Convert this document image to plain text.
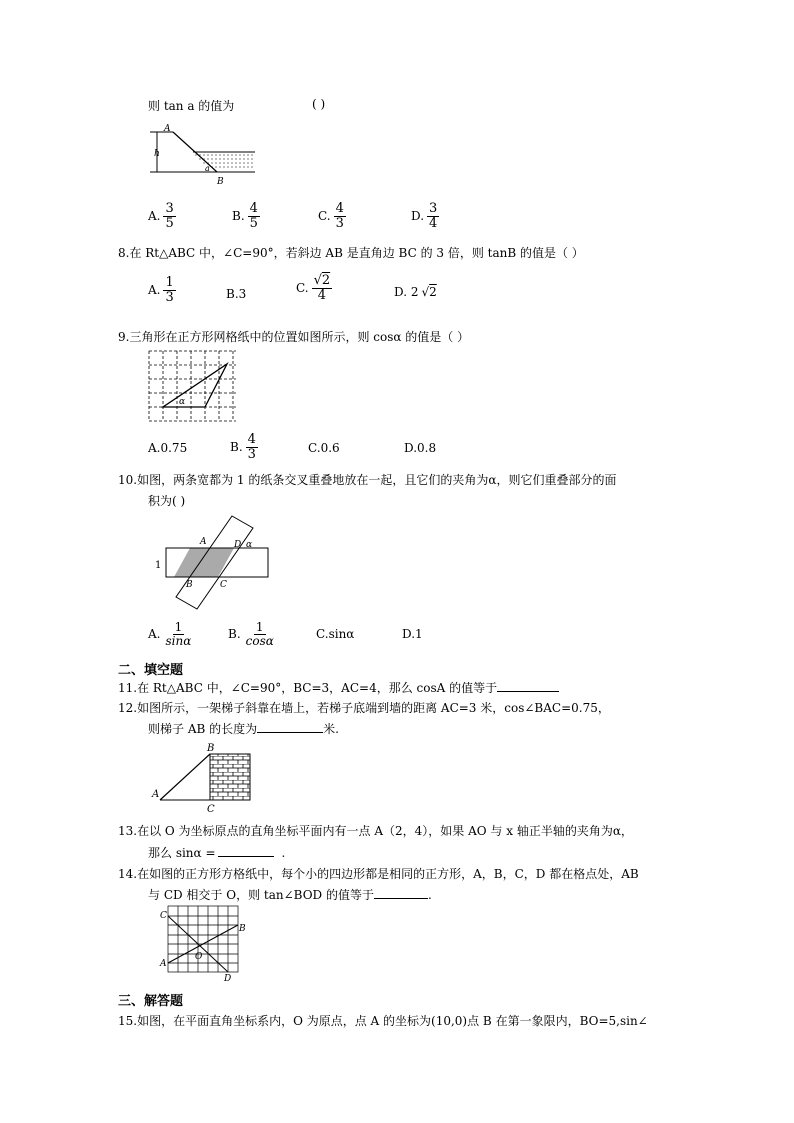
则 tan a 的值为	( )
A
h
a
B
A. $\frac{3}{5}$	B. $\frac{4}{5}$	C. $\frac{4}{3}$	D. $\frac{3}{4}$
8.在 Rt△ABC 中，∠C=90°，若斜边 AB 是直角边 BC 的 3 倍，则 tanB 的值是（ ）
A. $\frac{1}{3}$	B.3	C. $\frac{√2}{4}$	D. 2 √2
9.三角形在正方形网格纸中的位置如图所示，则 cosα 的值是（ ）
α
A.0.75	B. $\frac{4}{3}$	C.0.6	D.0.8
10.如图，两条宽都为 1 的纸条交叉重叠地放在一起，且它们的夹角为α，则它们重叠部分的面
积为( )
1
A	D α
B	C
A. $\frac{1}{\sin\alpha}$	B. $\frac{1}{\cos\alpha}$	C.sinα	D.1
二、填空题
11.在 Rt△ABC 中，∠C=90°，BC=3，AC=4，那么 cosA 的值等于
12.如图所示，一架梯子斜靠在墙上，若梯子底端到墙的距离 AC=3 米，cos∠BAC=0.75，
则梯子 AB 的长度为	米.
B
A
C
13.在以 O 为坐标原点的直角坐标平面内有一点 A（2，4），如果 AO 与 x 轴正半轴的夹角为α，
那么 sinα =	.
14.在如图的正方形方格纸中，每个小的四边形都是相同的正方形，A，B，C，D 都在格点处，AB
与 CD 相交于 O，则 tan∠BOD 的值等于	.
C
B
O
A
D
三、解答题
15.如图，在平面直角坐标系内，O 为原点，点 A 的坐标为(10,0)点 B 在第一象限内，BO=5,sin∠
